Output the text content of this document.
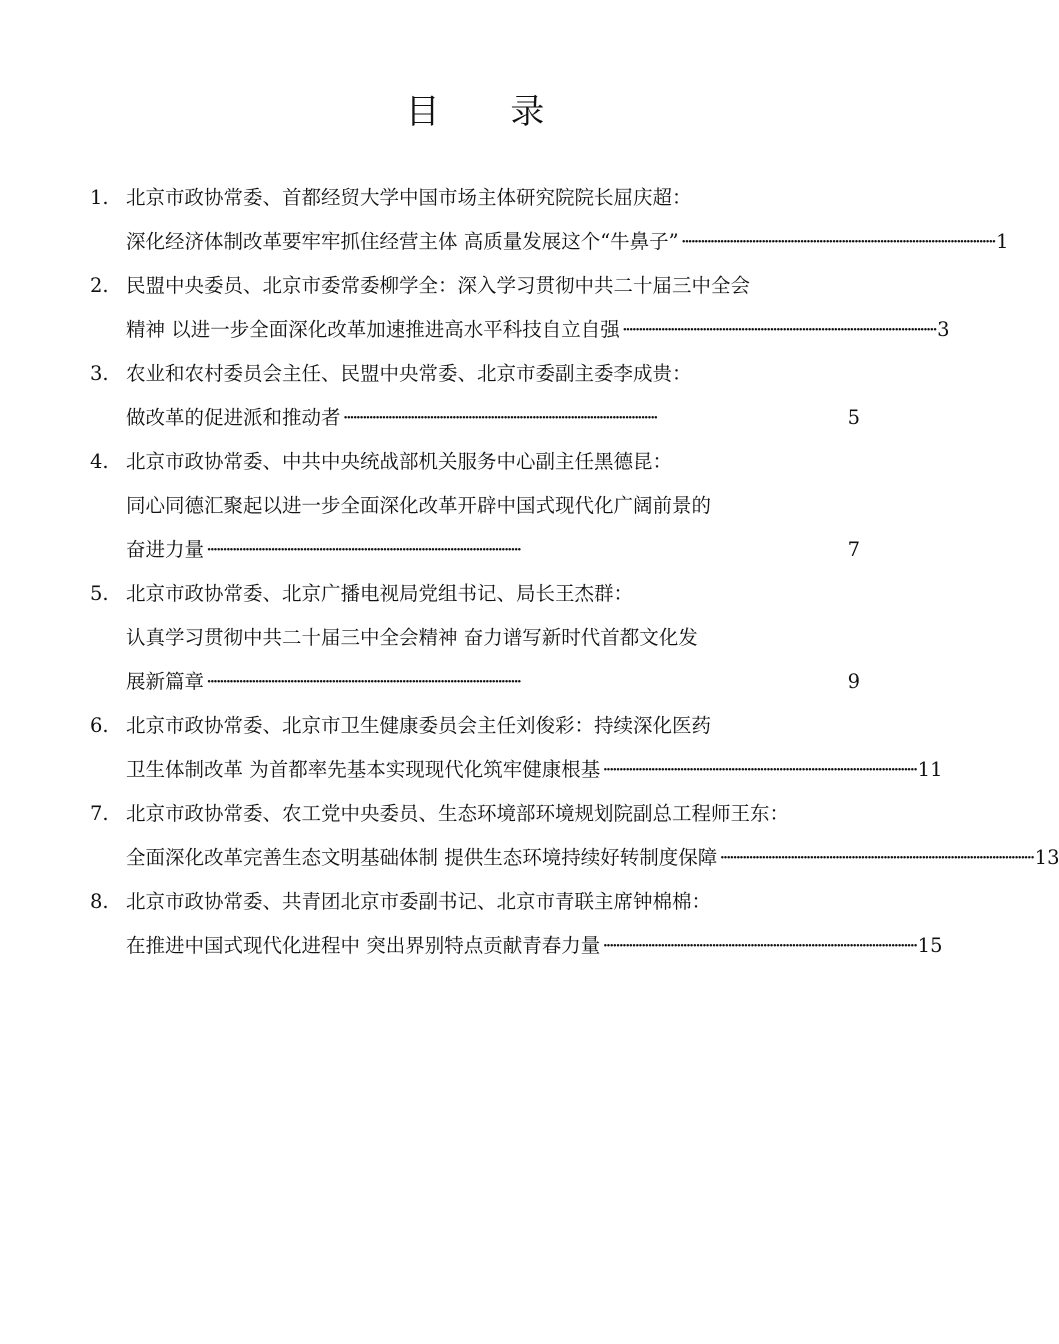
目 录
1. 北京市政协常委、首都经贸大学中国市场主体研究院院长屈庆超：
深化经济体制改革要牢牢抓住经营主体 高质量发展这个“牛鼻子” ·································································································· 1
2. 民盟中央委员、北京市委常委柳学全：深入学习贯彻中共二十届三中全会
精神 以进一步全面深化改革加速推进高水平科技自立自强 ·································································································· 3
3. 农业和农村委员会主任、民盟中央常委、北京市委副主委李成贵：
做改革的促进派和推动者 ··································································································	5
4. 北京市政协常委、中共中央统战部机关服务中心副主任黑德昆：
同心同德汇聚起以进一步全面深化改革开辟中国式现代化广阔前景的
奋进力量 ··································································································	7
5. 北京市政协常委、北京广播电视局党组书记、局长王杰群：
认真学习贯彻中共二十届三中全会精神 奋力谱写新时代首都文化发
展新篇章 ··································································································	9
6. 北京市政协常委、北京市卫生健康委员会主任刘俊彩：持续深化医药
卫生体制改革 为首都率先基本实现现代化筑牢健康根基 ·································································································· 11
7. 北京市政协常委、农工党中央委员、生态环境部环境规划院副总工程师王东：
全面深化改革完善生态文明基础体制 提供生态环境持续好转制度保障 ·································································································· 13
8. 北京市政协常委、共青团北京市委副书记、北京市青联主席钟棉棉：
在推进中国式现代化进程中 突出界别特点贡献青春力量 ·································································································· 15
